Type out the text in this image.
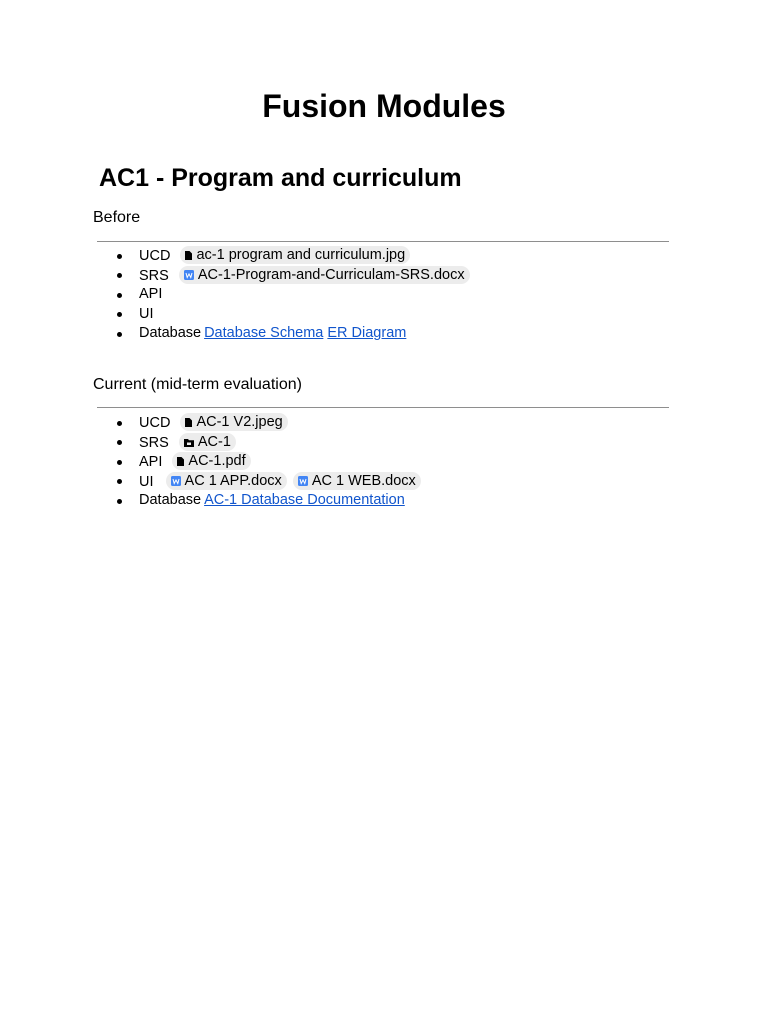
Fusion Modules
AC1 - Program and curriculum
Before
UCD ac-1 program and curriculum.jpg
SRS AC-1-Program-and-Curriculam-SRS.docx
API
UI
Database Database Schema ER Diagram
Current (mid-term evaluation)
UCD AC-1 V2.jpeg
SRS AC-1
API AC-1.pdf
UI AC 1 APP.docx AC 1 WEB.docx
Database AC-1 Database Documentation
